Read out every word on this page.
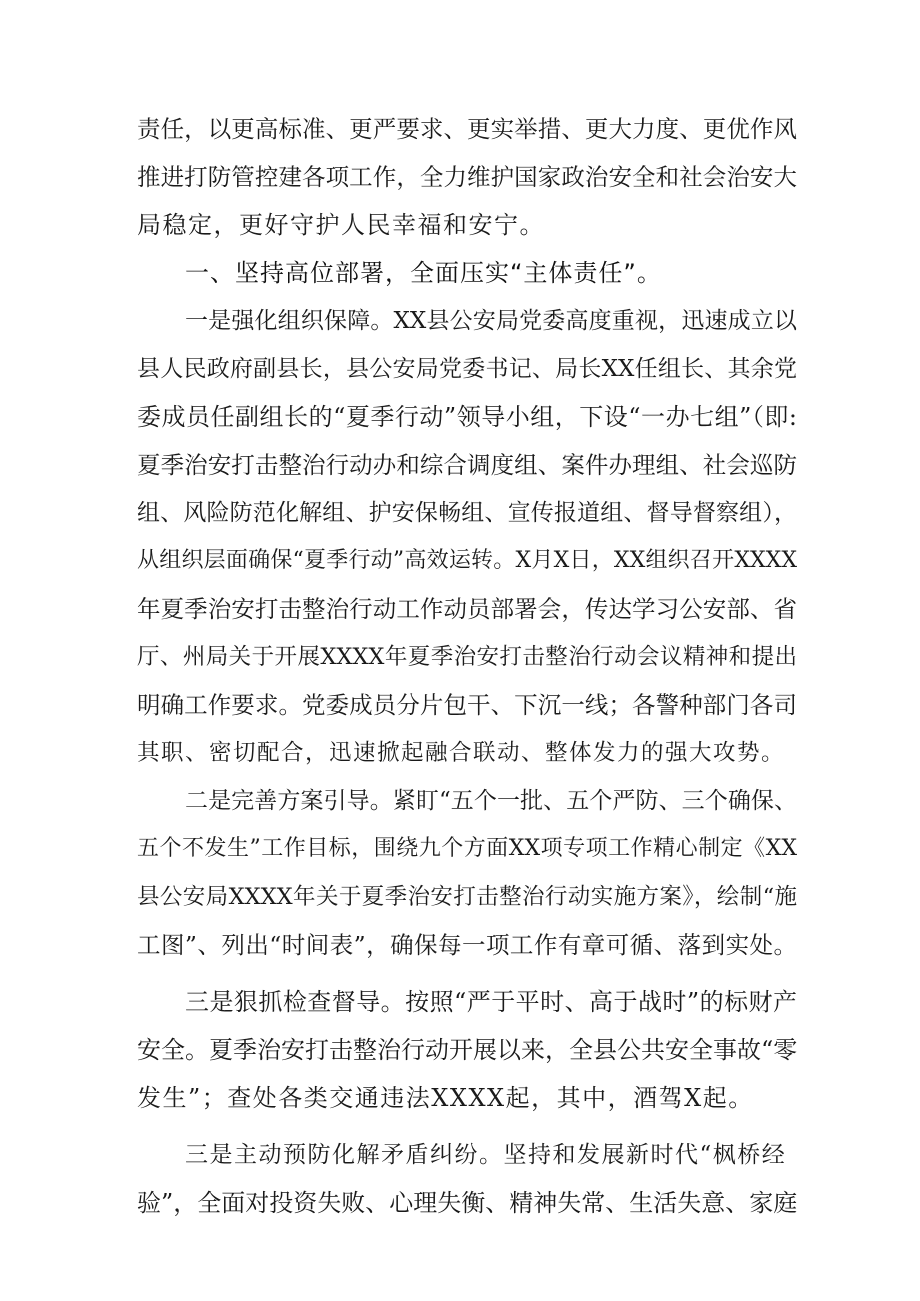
责任，以更高标准、更严要求、更实举措、更大力度、更优作风

推进打防管控建各项工作，全力维护国家政治安全和社会治安大

局稳定，更好守护人民幸福和安宁。

一、坚持高位部署，全面压实“主体责任”。

一是强化组织保障。XX县公安局党委高度重视，迅速成立以

县人民政府副县长，县公安局党委书记、局长XX任组长、其余党

委成员任副组长的“夏季行动”领导小组，下设“一办七组”（即:

夏季治安打击整治行动办和综合调度组、案件办理组、社会巡防

组、风险防范化解组、护安保畅组、宣传报道组、督导督察组），

从组织层面确保“夏季行动”高效运转。X月X日，XX组织召开XXXX

年夏季治安打击整治行动工作动员部署会，传达学习公安部、省

厅、州局关于开展XXXX年夏季治安打击整治行动会议精神和提出

明确工作要求。党委成员分片包干、下沉一线；各警种部门各司

其职、密切配合，迅速掀起融合联动、整体发力的强大攻势。

二是完善方案引导。紧盯“五个一批、五个严防、三个确保、

五个不发生”工作目标，围绕九个方面XX项专项工作精心制定《XX

县公安局XXXX年关于夏季治安打击整治行动实施方案》，绘制“施

工图”、列出“时间表”，确保每一项工作有章可循、落到实处。

三是狠抓检查督导。按照“严于平时、高于战时”的标财产

安全。夏季治安打击整治行动开展以来，全县公共安全事故“零

发生”；查处各类交通违法XXXX起，其中，酒驾X起。

三是主动预防化解矛盾纠纷。坚持和发展新时代“枫桥经

验”，全面对投资失败、心理失衡、精神失常、生活失意、家庭
